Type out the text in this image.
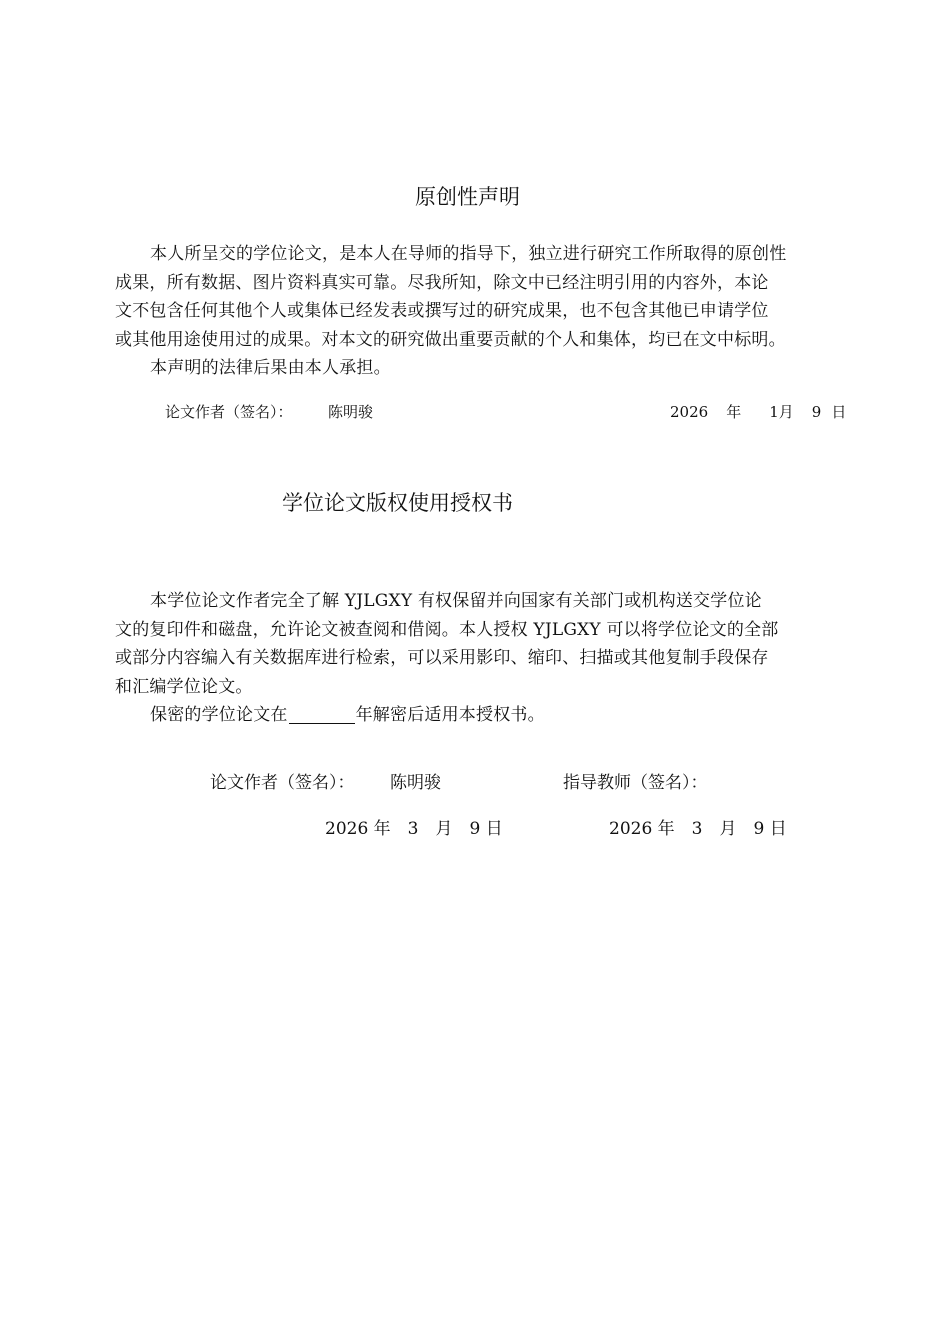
原创性声明
本人所呈交的学位论文，是本人在导师的指导下，独立进行研究工作所取得的原创性
成果，所有数据、图片资料真实可靠。尽我所知，除文中已经注明引用的内容外，本论
文不包含任何其他个人或集体已经发表或撰写过的研究成果，也不包含其他已申请学位
或其他用途使用过的成果。对本文的研究做出重要贡献的个人和集体，均已在文中标明。
本声明的法律后果由本人承担。
论文作者（签名）： 陈明骏	2026 年 1月 9 日
学位论文版权使用授权书
本学位论文作者完全了解 YJLGXY 有权保留并向国家有关部门或机构送交学位论
文的复印件和磁盘，允许论文被查阅和借阅。本人授权 YJLGXY 可以将学位论文的全部
或部分内容编入有关数据库进行检索，可以采用影印、缩印、扫描或其他复制手段保存
和汇编学位论文。
保密的学位论文在	年解密后适用本授权书。
论文作者（签名）： 陈明骏	指导教师（签名）：
2026 年　3　月　9 日	2026 年　3　月　9 日
